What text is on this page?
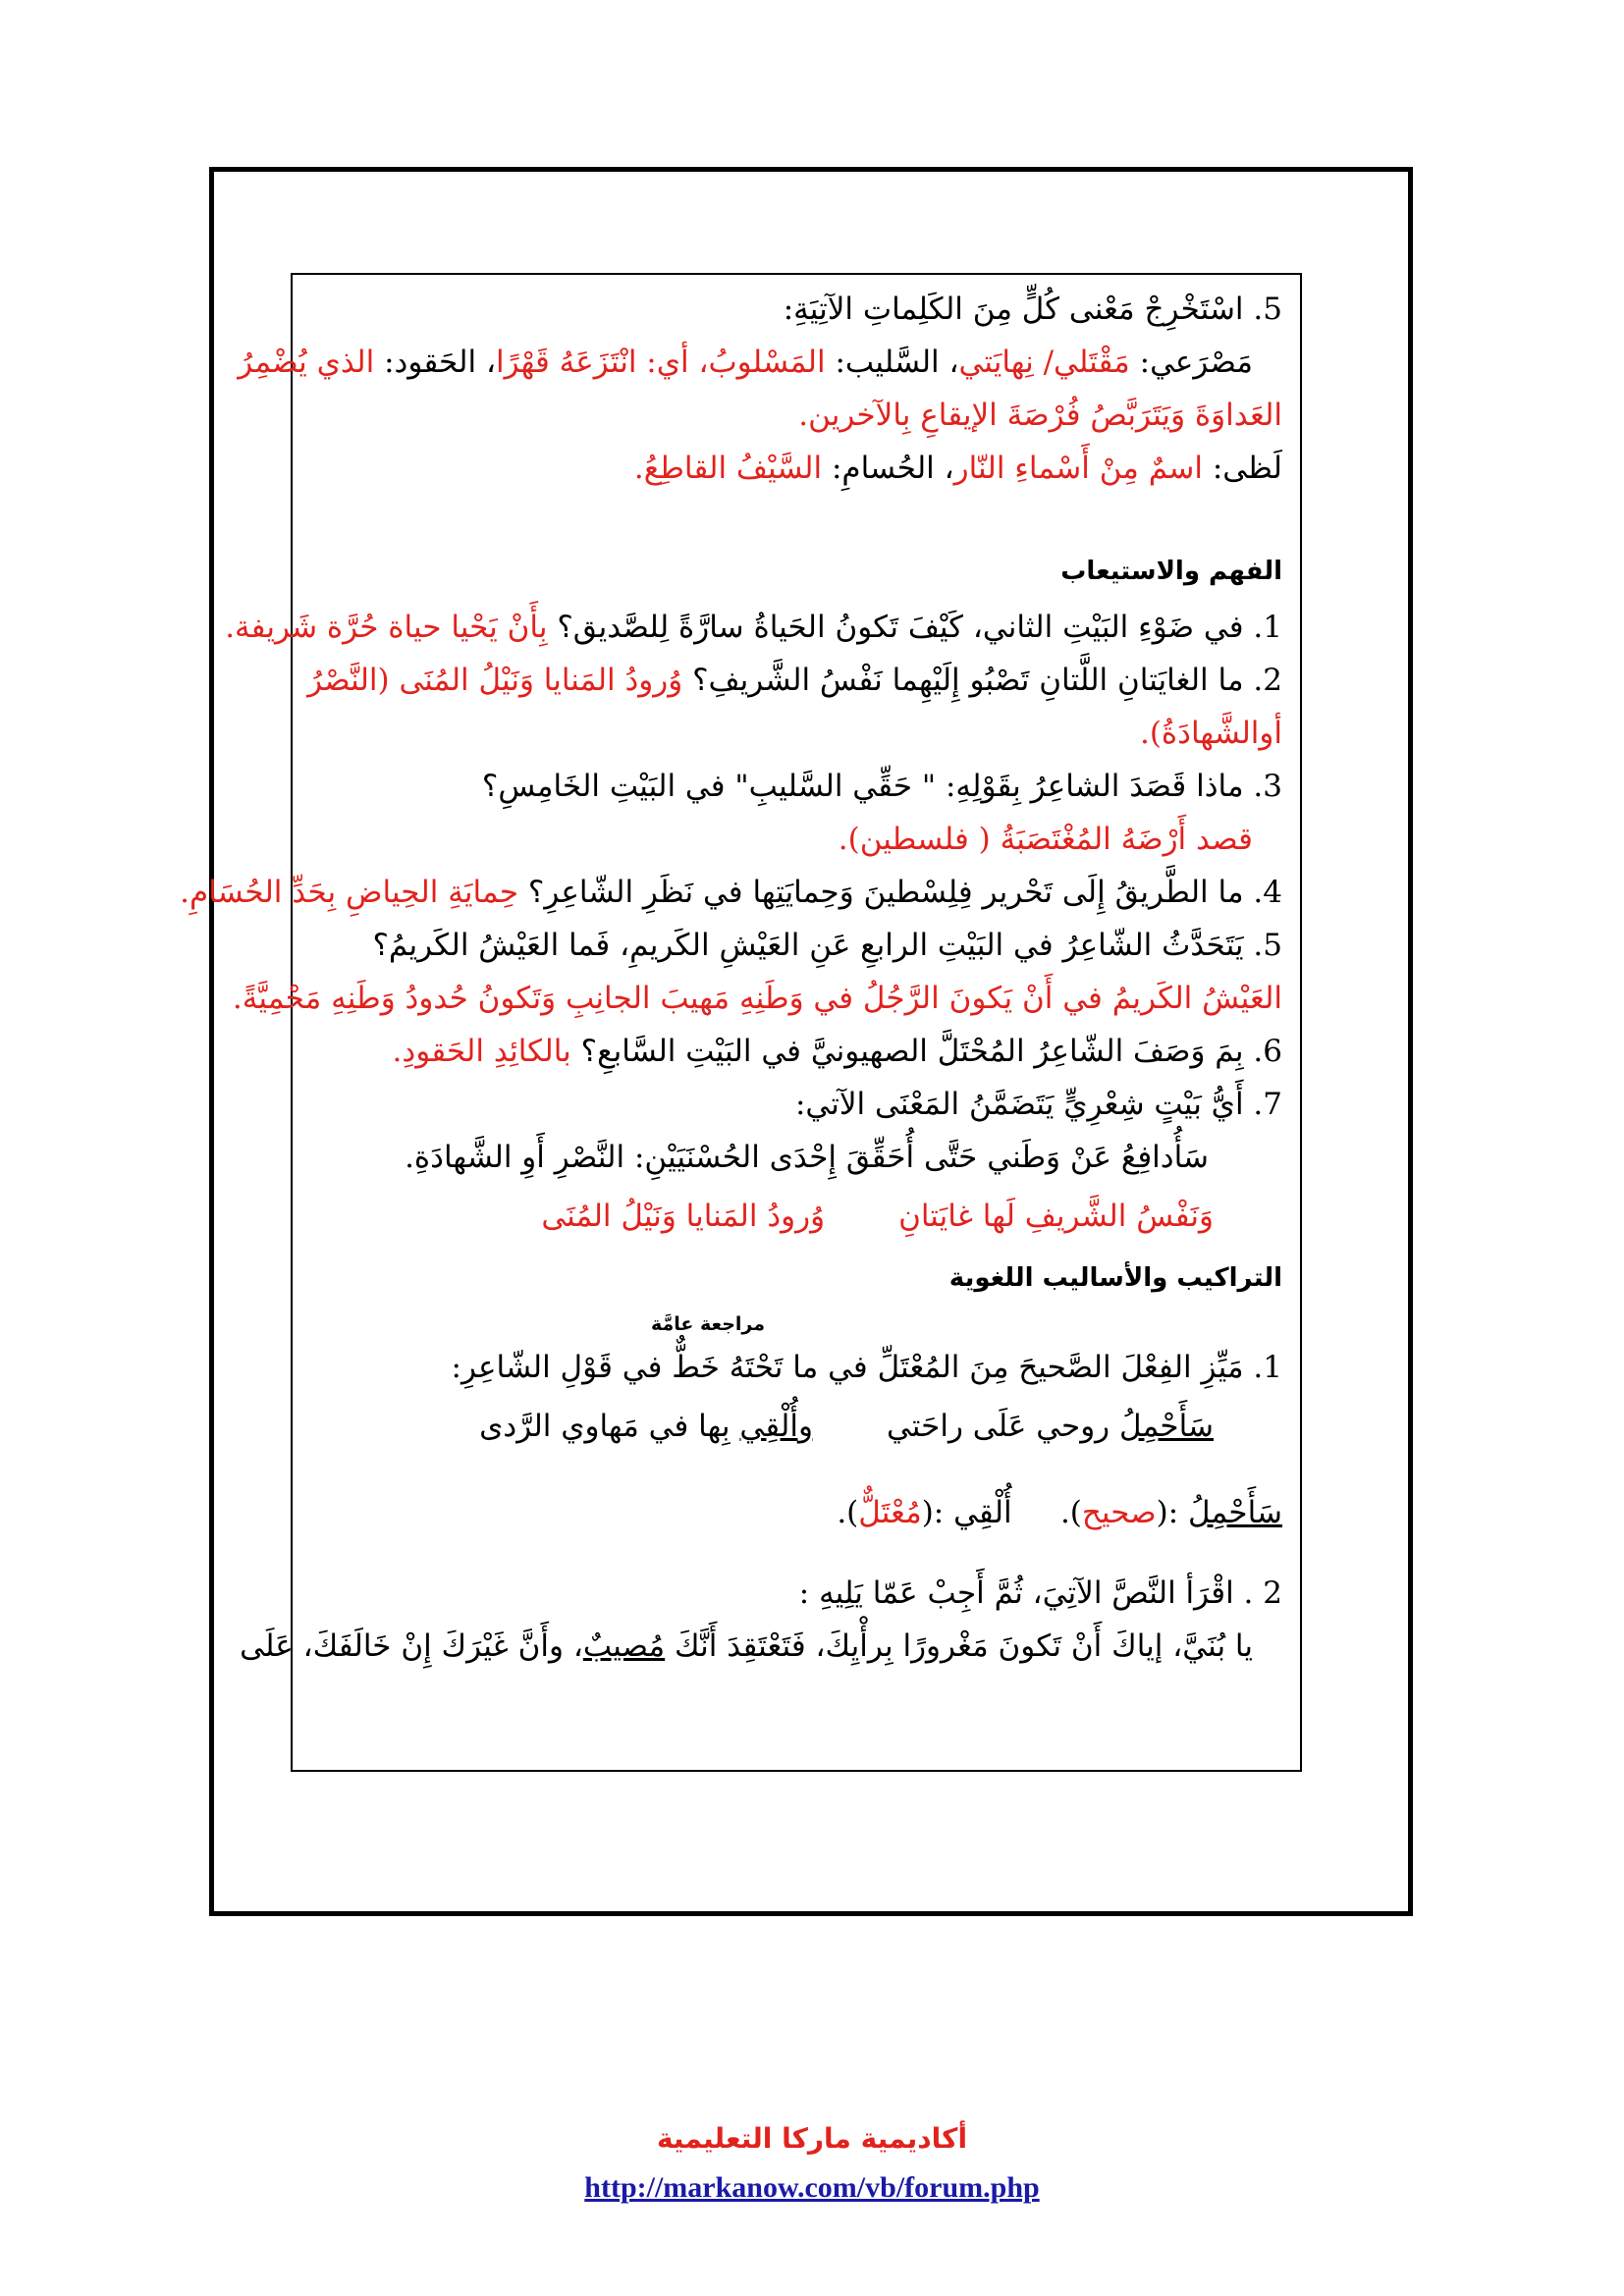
5. اسْتَخْرِجْ مَعْنى كُلٍّ مِنَ الكَلِماتِ الآتِيَةِ:
مَصْرَعي: مَقْتَلي/ نِهايَتي، السَّليب: المَسْلوبُ، أي: انْتَزَعَهُ قَهْرًا، الحَقود: الذي يُضْمِرُ
العَداوَةَ وَيَتَرَبَّصُ فُرْصَةَ الإيقاعِ بِالآخرين.
لَظى: اسمٌ مِنْ أَسْماءِ النّار، الحُسامِ: السَّيْفُ القاطِعُ.
الفهم والاستيعاب
1. في ضَوْءِ البَيْتِ الثاني، كَيْفَ تَكونُ الحَياةُ سارَّةً لِلصَّديق؟ بِأَنْ يَحْيا حياة حُرَّة شَريفة.
2. ما الغايَتانِ اللَّتانِ تَصْبُو إِلَيْهِما نَفْسُ الشَّريفِ؟ وُرودُ المَنايا وَنَيْلُ المُنَى (النَّصْرُ
أوالشَّهادَةُ).
3. ماذا قَصَدَ الشاعِرُ بِقَوْلِهِ: " حَقِّي السَّليبِ" في البَيْتِ الخَامِسِ؟
قصد أَرْضَهُ المُغْتَصَبَةُ ( فلسطين).
4. ما الطَّريقُ إِلَى تَحْرير فِلِسْطينَ وَحِمايَتِها في نَظَرِ الشّاعِرِ؟ حِمايَةِ الحِياضِ بِحَدِّ الحُسَامِ.
5. يَتَحَدَّثُ الشّاعِرُ في البَيْتِ الرابعِ عَنِ العَيْشِ الكَريمِ، فَما العَيْشُ الكَريمُ؟
العَيْشُ الكَريمُ في أَنْ يَكونَ الرَّجُلُ في وَطَنِهِ مَهيبَ الجانِبِ وَتَكونُ حُدودُ وَطَنِهِ مَحْمِيَّةً.
6. بِمَ وَصَفَ الشّاعِرُ المُحْتَلَّ الصهيونيَّ في البَيْتِ السَّابعِ؟ بالكائِدِ الحَقودِ.
7. أَيُّ بَيْتٍ شِعْرِيٍّ يَتَضَمَّنُ المَعْنَى الآتي:
سَأُدافِعُ عَنْ وَطَني حَتَّى أُحَقِّقَ إِحْدَى الحُسْنَيَيْنِ: النَّصْرِ أَوِ الشَّهادَةِ.
وَنَفْسُ الشَّريفِ لَها غايَتانِ
وُرودُ المَنايا وَنَيْلُ المُنَى
التراكيب والأساليب اللغوية
مراجعة عامَّة
1. مَيِّزِ الفِعْلَ الصَّحيحَ مِنَ المُعْتَلِّ في ما تَحْتَهُ خَطٌّ في قَوْلِ الشّاعِرِ:
سَأَحْمِلُ روحي عَلَى راحَتي
وأُلْقِي بِها في مَهاوي الرَّدى
سَأَحْمِلُ :(صحيح).     أُلْقِي :(مُعْتَلٌّ).
2 . اقْرَأ النَّصَّ الآتِيَ، ثُمَّ أَجِبْ عَمّا يَلِيهِ :
يا بُنَيَّ، إياكَ أَنْ تَكونَ مَغْرورًا بِرأْيِكَ، فَتَعْتَقِدَ أَنَّكَ مُصيبٌ، وأَنَّ غَيْرَكَ إِنْ خَالَفَكَ، عَلَى
أكاديمية ماركا التعليمية
http://markanow.com/vb/forum.php
